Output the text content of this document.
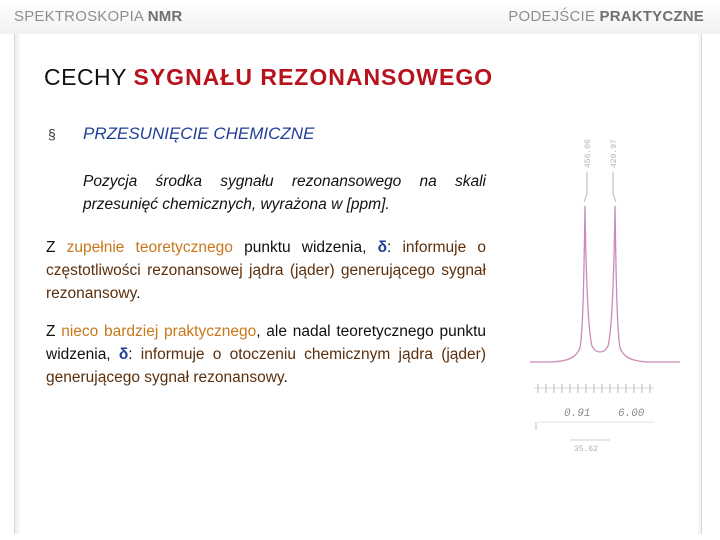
SPEKTROSKOPIA NMR	PODEJŚCIE PRAKTYCZNE
CECHY SYGNAŁU REZONANSOWEGO
§ PRZESUNIĘCIE CHEMICZNE
Pozycja środka sygnału rezonansowego na skali przesunięć chemicznych, wyrażona w [ppm].
Z zupełnie teoretycznego punktu widzenia, δ: informuje o częstotliwości rezonansowej jądra (jąder) generującego sygnał rezonansowy.
Z nieco bardziej praktycznego, ale nadal teoretycznego punktu widzenia, δ: informuje o otoczeniu chemicznym jądra (jąder) generującego sygnał rezonansowy.
456.06 420.97
0.91	6.00
35.62
